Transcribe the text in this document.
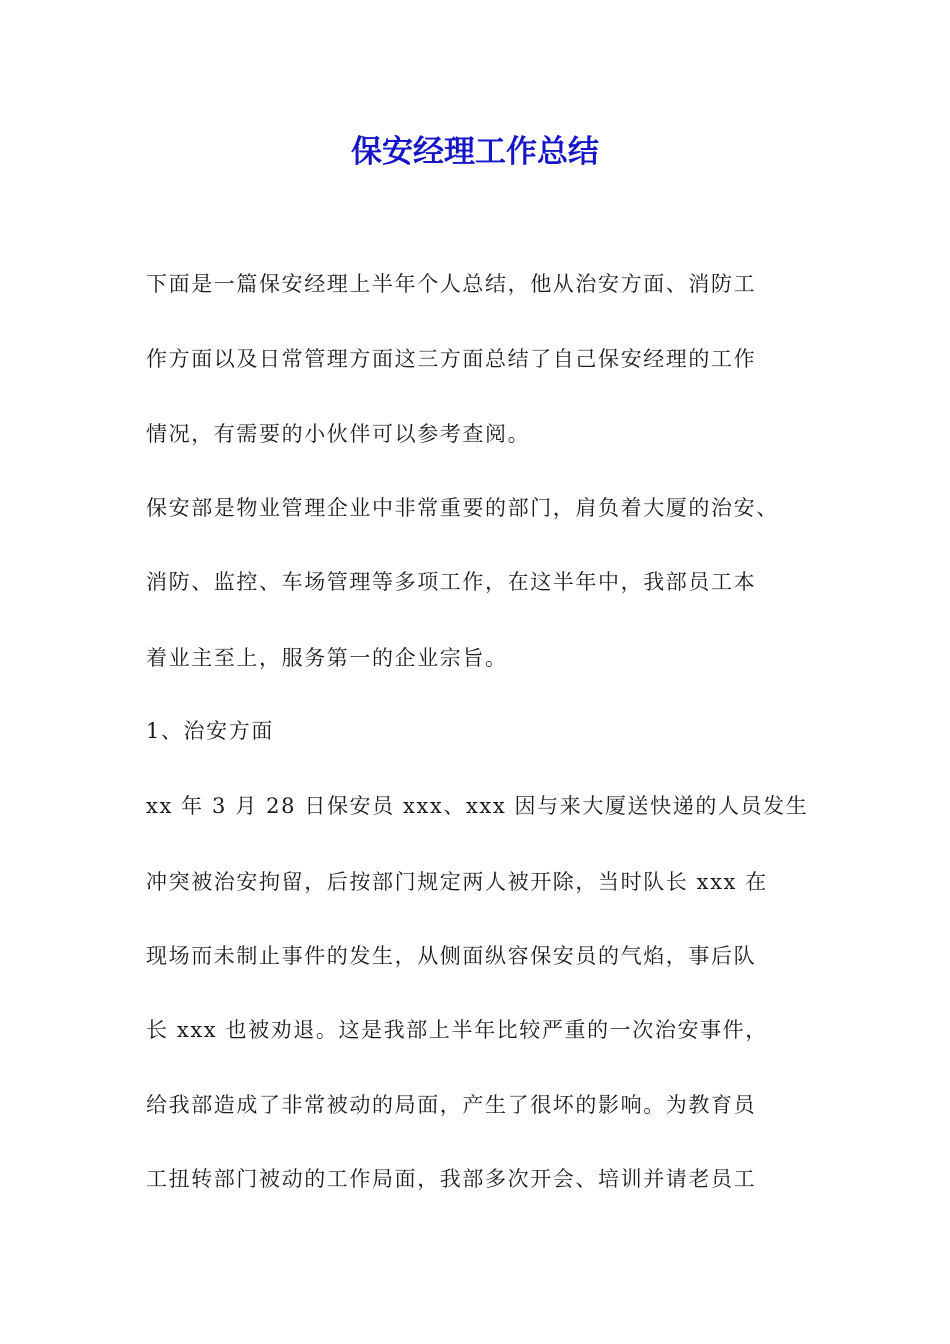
保安经理工作总结
下面是一篇保安经理上半年个人总结，他从治安方面、消防工
作方面以及日常管理方面这三方面总结了自己保安经理的工作
情况，有需要的小伙伴可以参考查阅。
保安部是物业管理企业中非常重要的部门，肩负着大厦的治安、
消防、监控、车场管理等多项工作，在这半年中，我部员工本
着业主至上，服务第一的企业宗旨。
1、治安方面
xx 年 3 月 28 日保安员 xxx、xxx 因与来大厦送快递的人员发生
冲突被治安拘留，后按部门规定两人被开除，当时队长 xxx 在
现场而未制止事件的发生，从侧面纵容保安员的气焰，事后队
长 xxx 也被劝退。这是我部上半年比较严重的一次治安事件，
给我部造成了非常被动的局面，产生了很坏的影响。为教育员
工扭转部门被动的工作局面，我部多次开会、培训并请老员工
